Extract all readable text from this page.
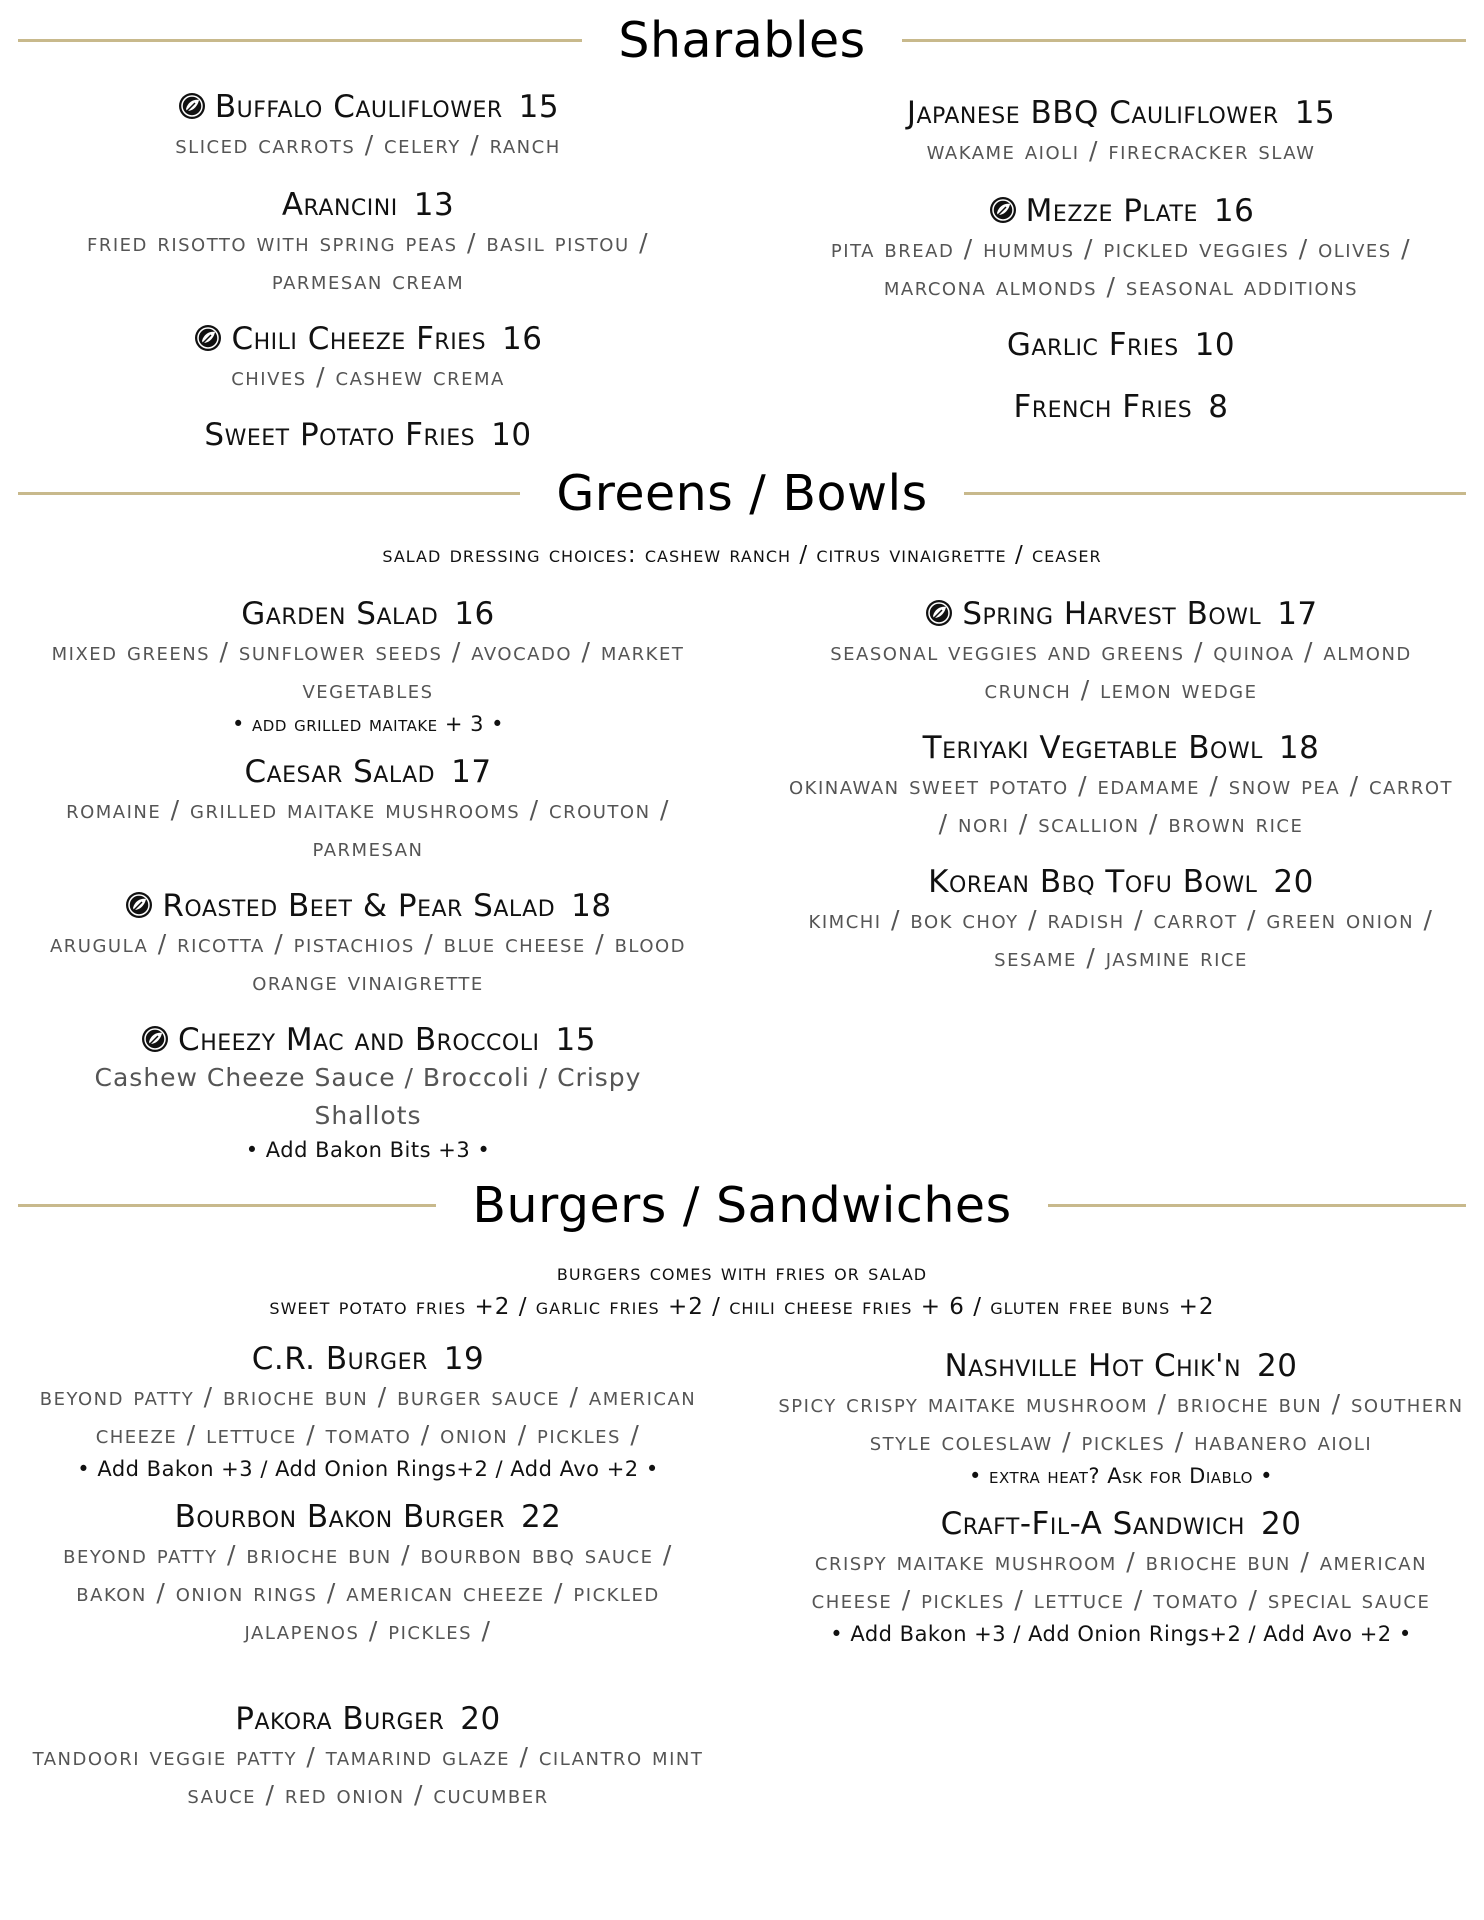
Sharables
Buffalo Cauliflower 15
sliced carrots / celery / ranch
Arancini 13
fried risotto with spring peas / basil pistou / parmesan cream
Chili Cheeze Fries 16
chives / cashew crema
Sweet Potato Fries 10
Japanese BBQ Cauliflower 15
wakame aioli / firecracker slaw
Mezze Plate 16
pita bread / hummus / pickled veggies / olives / marcona almonds / seasonal additions
Garlic Fries 10
French Fries 8
Greens / Bowls
salad dressing choices: cashew ranch / citrus vinaigrette / ceaser
Garden Salad 16
mixed greens / sunflower seeds / avocado / market vegetables
• add grilled maitake + 3 •
Caesar Salad 17
romaine / grilled maitake mushrooms / crouton / parmesan
Roasted Beet & Pear Salad 18
arugula / ricotta / pistachios / blue cheese / blood orange vinaigrette
Cheezy Mac and Broccoli 15
Cashew Cheeze Sauce / Broccoli / Crispy Shallots
• Add Bakon Bits +3 •
Spring Harvest Bowl 17
seasonal veggies and greens / quinoa / almond crunch / lemon wedge
Teriyaki Vegetable Bowl 18
okinawan sweet potato / edamame / snow pea / carrot / nori / scallion / brown rice
Korean Bbq Tofu Bowl 20
kimchi / bok choy / radish / carrot / green onion / sesame / jasmine rice
Burgers / Sandwiches
burgers comes with fries or salad
sweet potato fries +2 / garlic fries +2 / chili cheese fries + 6 / gluten free buns +2
C.R. Burger 19
beyond patty / brioche bun / burger sauce / american cheeze / lettuce / tomato / onion / pickles /
• Add Bakon +3 / Add Onion Rings+2 / Add Avo +2 •
Bourbon Bakon Burger 22
beyond patty / brioche bun / bourbon bbq sauce / bakon / onion rings / american cheeze / pickled jalapenos / pickles /
Pakora Burger 20
tandoori veggie patty / tamarind glaze / cilantro mint sauce / red onion / cucumber
Nashville Hot Chik'n 20
spicy crispy maitake mushroom / brioche bun / southern style coleslaw / pickles / habanero aioli
• extra heat? Ask for Diablo •
Craft-Fil-A Sandwich 20
crispy maitake mushroom / brioche bun / american cheese / pickles / lettuce / tomato / special sauce
• Add Bakon +3 / Add Onion Rings+2 / Add Avo +2 •
